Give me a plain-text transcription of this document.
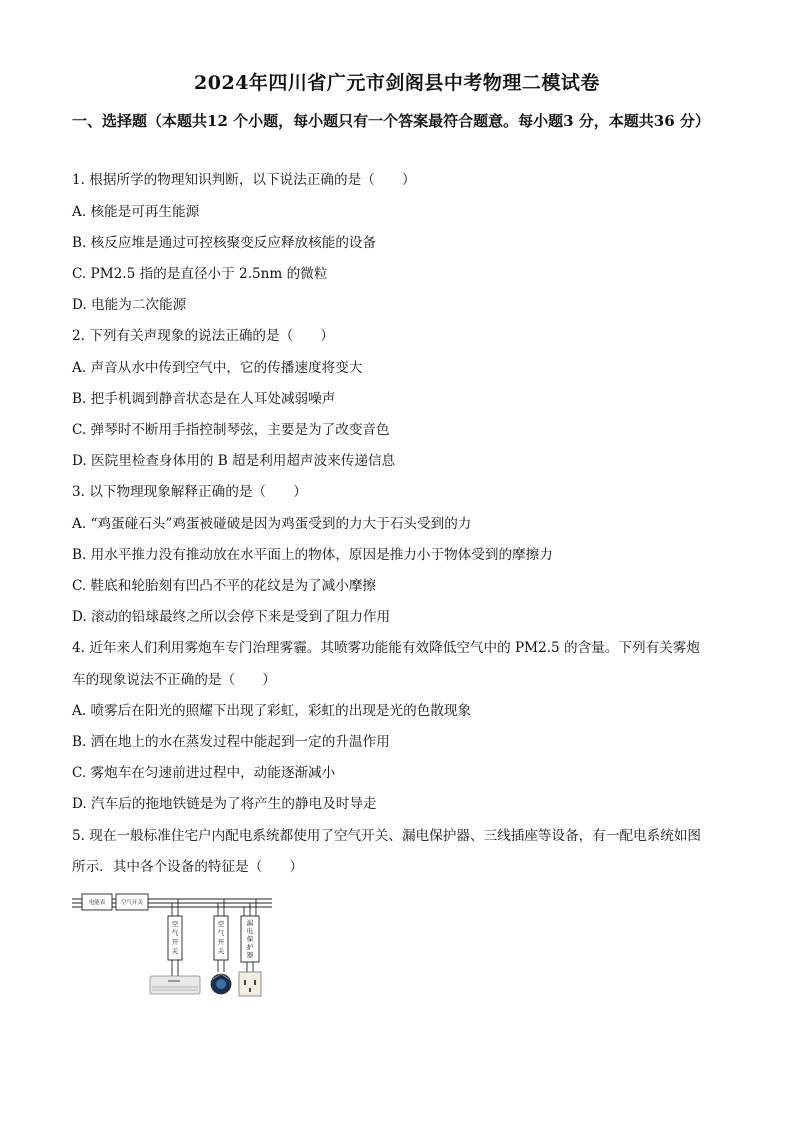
2024年四川省广元市剑阁县中考物理二模试卷
一、选择题（本题共12 个小题，每小题只有一个答案最符合题意。每小题3 分，本题共36 分）
1. 根据所学的物理知识判断，以下说法正确的是（　　）
A. 核能是可再生能源
B. 核反应堆是通过可控核聚变反应释放核能的设备
C. PM2.5 指的是直径小于 2.5nm 的微粒
D. 电能为二次能源
2. 下列有关声现象的说法正确的是（　　）
A. 声音从水中传到空气中，它的传播速度将变大
B. 把手机调到静音状态是在人耳处减弱噪声
C. 弹琴时不断用手指控制琴弦，主要是为了改变音色
D. 医院里检查身体用的 B 超是利用超声波来传递信息
3. 以下物理现象解释正确的是（　　）
A. “鸡蛋碰石头”鸡蛋被碰破是因为鸡蛋受到的力大于石头受到的力
B. 用水平推力没有推动放在水平面上的物体，原因是推力小于物体受到的摩擦力
C. 鞋底和轮胎刻有凹凸不平的花纹是为了减小摩擦
D. 滚动的铅球最终之所以会停下来是受到了阻力作用
4. 近年来人们利用雾炮车专门治理雾霾。其喷雾功能能有效降低空气中的 PM2.5 的含量。下列有关雾炮
车的现象说法不正确的是（　　）
A. 喷雾后在阳光的照耀下出现了彩虹，彩虹的出现是光的色散现象
B. 洒在地上的水在蒸发过程中能起到一定的升温作用
C. 雾炮车在匀速前进过程中，动能逐渐减小
D. 汽车后的拖地铁链是为了将产生的静电及时导走
5. 现在一般标准住宅户内配电系统都使用了空气开关、漏电保护器、三线插座等设备，有一配电系统如图
所示．其中各个设备的特征是（　　）
电能表	空气开关
空
气
开
关
空
气
开
关
漏
电
保
护
器
